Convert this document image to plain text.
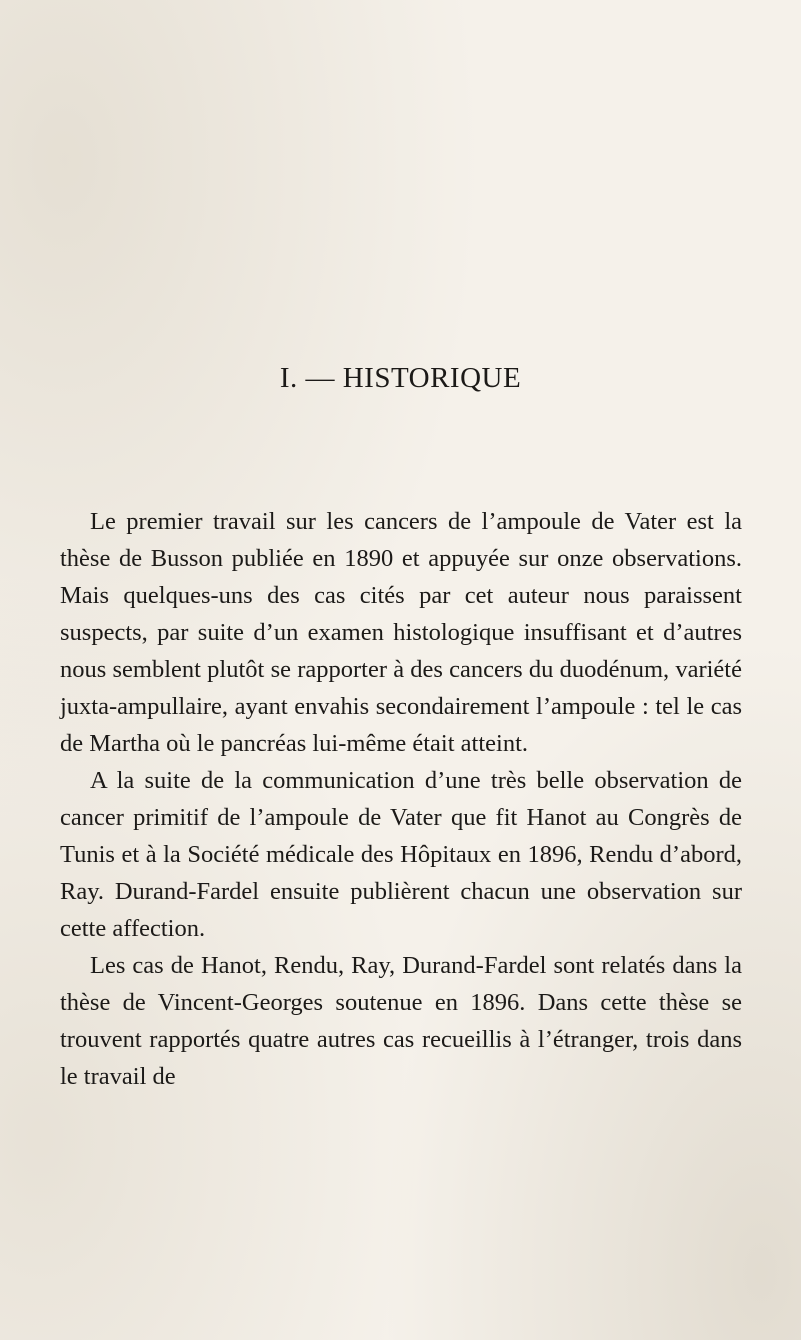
I. — HISTORIQUE

Le premier travail sur les cancers de l’ampoule de Vater est la thèse de Busson publiée en 1890 et appuyée sur onze observations. Mais quelques-uns des cas cités par cet auteur nous paraissent suspects, par suite d’un examen histologique insuffisant et d’autres nous semblent plutôt se rapporter à des cancers du duodénum, variété juxta-ampullaire, ayant envahis secondairement l’ampoule : tel le cas de Martha où le pancréas lui-même était atteint.

A la suite de la communication d’une très belle observation de cancer primitif de l’ampoule de Vater que fit Hanot au Congrès de Tunis et à la Société médicale des Hôpitaux en 1896, Rendu d’abord, Ray. Durand-Fardel ensuite publièrent chacun une observation sur cette affection.

Les cas de Hanot, Rendu, Ray, Durand-Fardel sont relatés dans la thèse de Vincent-Georges soutenue en 1896. Dans cette thèse se trouvent rapportés quatre autres cas recueillis à l’étranger, trois dans le travail de
